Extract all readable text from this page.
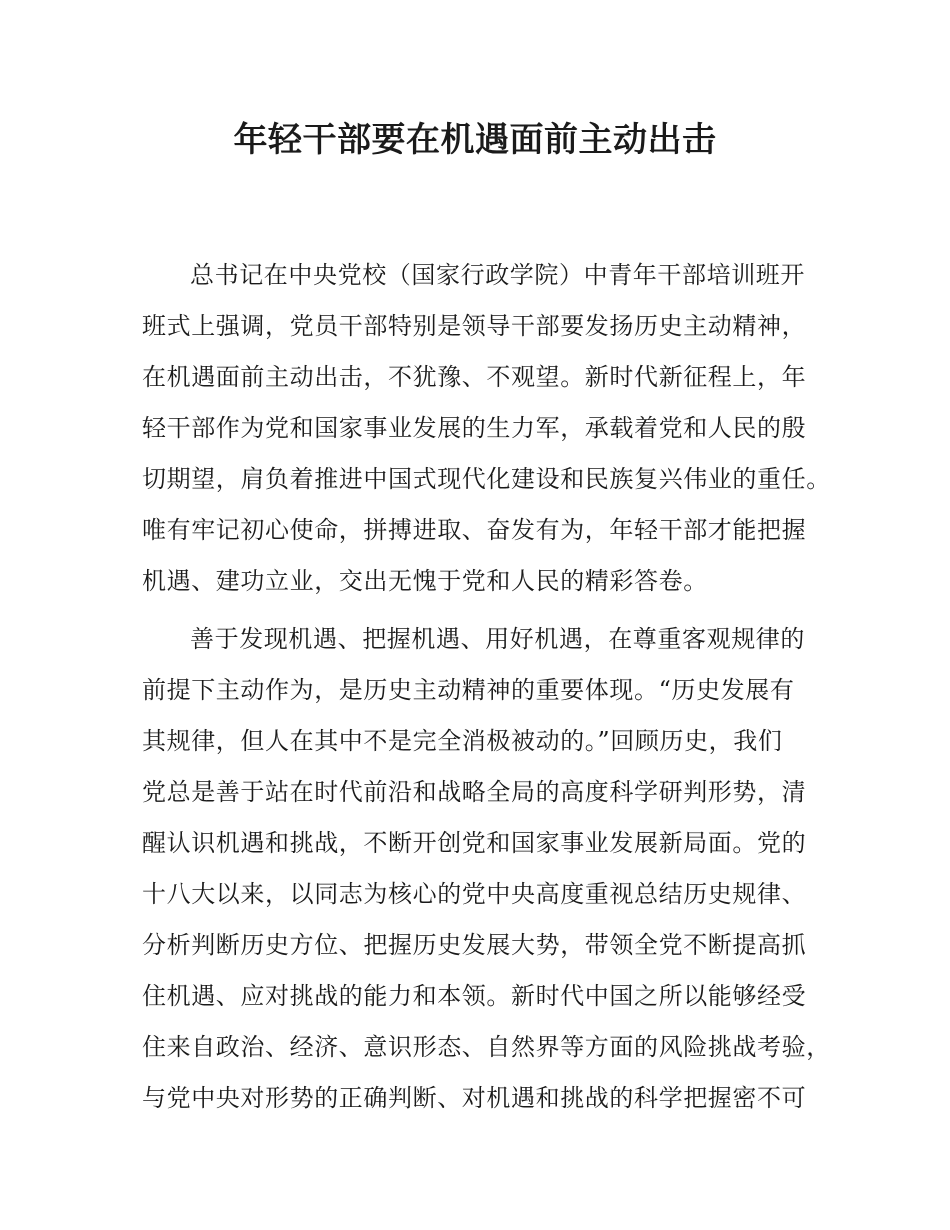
年轻干部要在机遇面前主动出击

总书记在中央党校（国家行政学院）中青年干部培训班开
班式上强调，党员干部特别是领导干部要发扬历史主动精神，
在机遇面前主动出击，不犹豫、不观望。新时代新征程上，年
轻干部作为党和国家事业发展的生力军，承载着党和人民的殷
切期望，肩负着推进中国式现代化建设和民族复兴伟业的重任。
唯有牢记初心使命，拼搏进取、奋发有为，年轻干部才能把握
机遇、建功立业，交出无愧于党和人民的精彩答卷。

善于发现机遇、把握机遇、用好机遇，在尊重客观规律的
前提下主动作为，是历史主动精神的重要体现。“历史发展有
其规律，但人在其中不是完全消极被动的。”回顾历史，我们
党总是善于站在时代前沿和战略全局的高度科学研判形势，清
醒认识机遇和挑战，不断开创党和国家事业发展新局面。党的
十八大以来，以同志为核心的党中央高度重视总结历史规律、
分析判断历史方位、把握历史发展大势，带领全党不断提高抓
住机遇、应对挑战的能力和本领。新时代中国之所以能够经受
住来自政治、经济、意识形态、自然界等方面的风险挑战考验，
与党中央对形势的正确判断、对机遇和挑战的科学把握密不可
